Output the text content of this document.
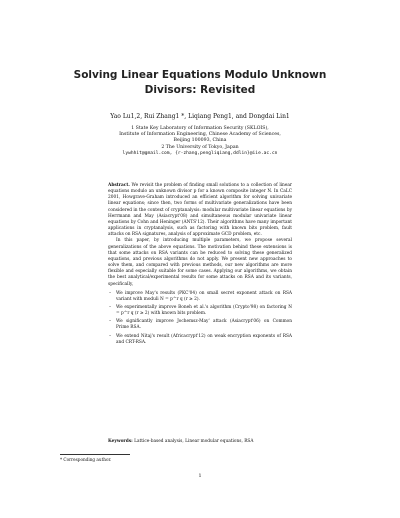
Solving Linear Equations Modulo Unknown
Divisors: Revisited
Yao Lu1,2, Rui Zhang1 *, Liqiang Peng1, and Dongdai Lin1
1 State Key Laboratory of Information Security (SKLOIS),
Institute of Information Engineering, Chinese Academy of Sciences,
Beijing 100093, China
2 The University of Tokyo, Japan
lywhhit@gmail.com, {r-zhang,pengliqiang,ddlin}@iie.ac.cn

Abstract. We revisit the problem of finding small solutions to a collection of linear equations modulo an unknown divisor p for a known composite integer N. In CaLC 2001, Howgrave-Graham introduced an efficient algorithm for solving univariate linear equations; since then, two forms of multivariate generalizations have been considered in the context of cryptanalysis: modular multivariate linear equations by Herrmann and May (Asiacrypt'08) and simultaneous modular univariate linear equations by Cohn and Heninger (ANTS'12). Their algorithms have many important applications in cryptanalysis, such as factoring with known bits problem, fault attacks on RSA signatures, analysis of approximate GCD problem, etc.

In this paper, by introducing multiple parameters, we propose several generalizations of the above equations. The motivation behind these extensions is that some attacks on RSA variants can be reduced to solving these generalized equations, and previous algorithms do not apply. We present new approaches to solve them, and compared with previous methods, our new algorithms are more flexible and especially suitable for some cases. Applying our algorithms, we obtain the best analytical/experimental results for some attacks on RSA and its variants, specifically,

– We improve May's results (PKC'04) on small secret exponent attack on RSA variant with moduli N = p^r q (r ≥ 2).
– We experimentally improve Boneh et al.'s algorithm (Crypto'98) on factoring N = p^r q (r ≥ 2) with known bits problem.
– We significantly improve Jochemsz-May' attack (Asiacrypt'06) on Common Prime RSA.
– We extend Nitaj's result (Africacrypt'12) on weak encryption exponents of RSA and CRT-RSA.
Keywords: Lattice-based analysis, Linear modular equations, RSA
* Corresponding author.
1
